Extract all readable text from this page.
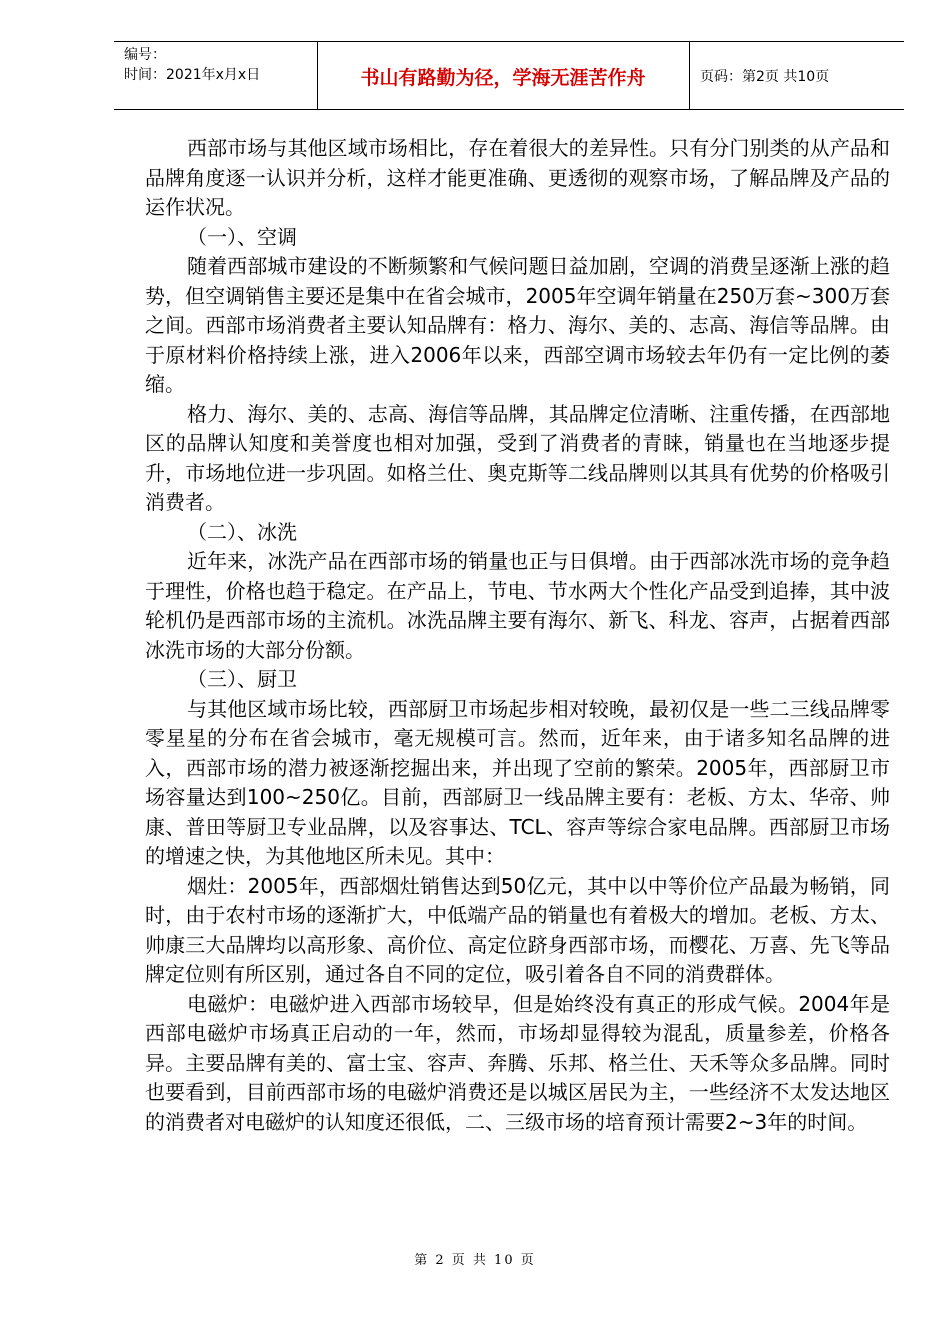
编号：
时间：2021年x月x日	书山有路勤为径，学海无涯苦作舟	页码：第2页 共10页

西部市场与其他区域市场相比，存在着很大的差异性。只有分门别类的从产品和品牌角度逐一认识并分析，这样才能更准确、更透彻的观察市场，了解品牌及产品的运作状况。

（一）、空调

随着西部城市建设的不断频繁和气候问题日益加剧，空调的消费呈逐渐上涨的趋势，但空调销售主要还是集中在省会城市，2005年空调年销量在250万套~300万套之间。西部市场消费者主要认知品牌有：格力、海尔、美的、志高、海信等品牌。由于原材料价格持续上涨，进入2006年以来，西部空调市场较去年仍有一定比例的萎缩。

格力、海尔、美的、志高、海信等品牌，其品牌定位清晰、注重传播，在西部地区的品牌认知度和美誉度也相对加强，受到了消费者的青睐，销量也在当地逐步提升，市场地位进一步巩固。如格兰仕、奥克斯等二线品牌则以其具有优势的价格吸引消费者。

（二）、冰洗

近年来，冰洗产品在西部市场的销量也正与日俱增。由于西部冰洗市场的竞争趋于理性，价格也趋于稳定。在产品上，节电、节水两大个性化产品受到追捧，其中波轮机仍是西部市场的主流机。冰洗品牌主要有海尔、新飞、科龙、容声，占据着西部冰洗市场的大部分份额。

（三）、厨卫

与其他区域市场比较，西部厨卫市场起步相对较晚，最初仅是一些二三线品牌零零星星的分布在省会城市，毫无规模可言。然而，近年来，由于诸多知名品牌的进入，西部市场的潜力被逐渐挖掘出来，并出现了空前的繁荣。2005年，西部厨卫市场容量达到100~250亿。目前，西部厨卫一线品牌主要有：老板、方太、华帝、帅康、普田等厨卫专业品牌，以及容事达、TCL、容声等综合家电品牌。西部厨卫市场的增速之快，为其他地区所未见。其中：

烟灶：2005年，西部烟灶销售达到50亿元，其中以中等价位产品最为畅销，同时，由于农村市场的逐渐扩大，中低端产品的销量也有着极大的增加。老板、方太、帅康三大品牌均以高形象、高价位、高定位跻身西部市场，而樱花、万喜、先飞等品牌定位则有所区别，通过各自不同的定位，吸引着各自不同的消费群体。

电磁炉：电磁炉进入西部市场较早，但是始终没有真正的形成气候。2004年是西部电磁炉市场真正启动的一年，然而，市场却显得较为混乱，质量参差，价格各异。主要品牌有美的、富士宝、容声、奔腾、乐邦、格兰仕、天禾等众多品牌。同时也要看到，目前西部市场的电磁炉消费还是以城区居民为主，一些经济不太发达地区的消费者对电磁炉的认知度还很低，二、三级市场的培育预计需要2~3年的时间。

第 2 页 共 10 页
